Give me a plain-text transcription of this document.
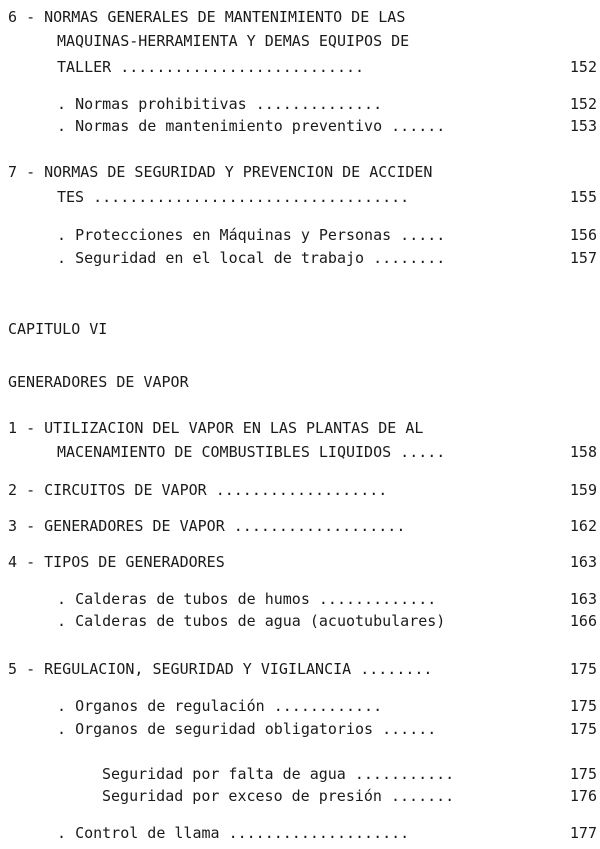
6 - NORMAS GENERALES DE MANTENIMIENTO DE LAS
MAQUINAS-HERRAMIENTA Y DEMAS EQUIPOS DE
TALLER ...........................	152
. Normas prohibitivas ..............	152
. Normas de mantenimiento preventivo ......	153
7 - NORMAS DE SEGURIDAD Y PREVENCION DE ACCIDEN
TES ...................................	155
. Protecciones en Máquinas y Personas .....	156
. Seguridad en el local de trabajo ........	157
CAPITULO VI
GENERADORES DE VAPOR
1 - UTILIZACION DEL VAPOR EN LAS PLANTAS DE AL
MACENAMIENTO DE COMBUSTIBLES LIQUIDOS .....	158
2 - CIRCUITOS DE VAPOR ...................	159
3 - GENERADORES DE VAPOR ...................	162
4 - TIPOS DE GENERADORES	163
. Calderas de tubos de humos .............	163
. Calderas de tubos de agua (acuotubulares)	166
5 - REGULACION, SEGURIDAD Y VIGILANCIA ........	175
. Organos de regulación ............	175
. Organos de seguridad obligatorios ......	175
Seguridad por falta de agua ...........	175
Seguridad por exceso de presión .......	176
. Control de llama ....................	177
